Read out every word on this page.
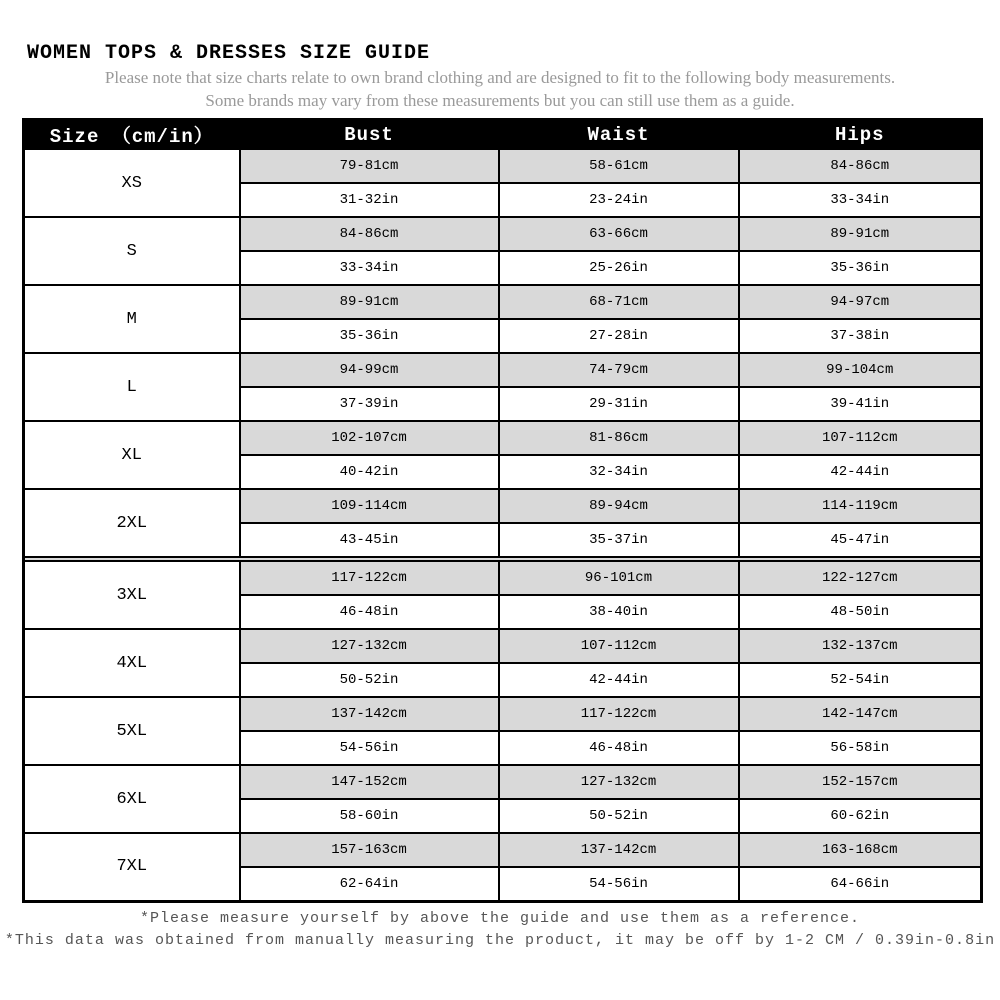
WOMEN TOPS & DRESSES SIZE GUIDE

Please note that size charts relate to own brand clothing and are designed to fit to the following body measurements.

Some brands may vary from these measurements but you can still use them as a guide.

Size （cm/in）	Bust	Waist	Hips
XS	79-81cm	58-61cm	84-86cm
	31-32in	23-24in	33-34in
S	84-86cm	63-66cm	89-91cm
	33-34in	25-26in	35-36in
M	89-91cm	68-71cm	94-97cm
	35-36in	27-28in	37-38in
L	94-99cm	74-79cm	99-104cm
	37-39in	29-31in	39-41in
XL	102-107cm	81-86cm	107-112cm
	40-42in	32-34in	42-44in
2XL	109-114cm	89-94cm	114-119cm
	43-45in	35-37in	45-47in

3XL	117-122cm	96-101cm	122-127cm
	46-48in	38-40in	48-50in
4XL	127-132cm	107-112cm	132-137cm
	50-52in	42-44in	52-54in
5XL	137-142cm	117-122cm	142-147cm
	54-56in	46-48in	56-58in
6XL	147-152cm	127-132cm	152-157cm
	58-60in	50-52in	60-62in
7XL	157-163cm	137-142cm	163-168cm
	62-64in	54-56in	64-66in

*Please measure yourself by above the guide and use them as a reference.

*This data was obtained from manually measuring the product, it may be off by 1-2 CM / 0.39in-0.8in
